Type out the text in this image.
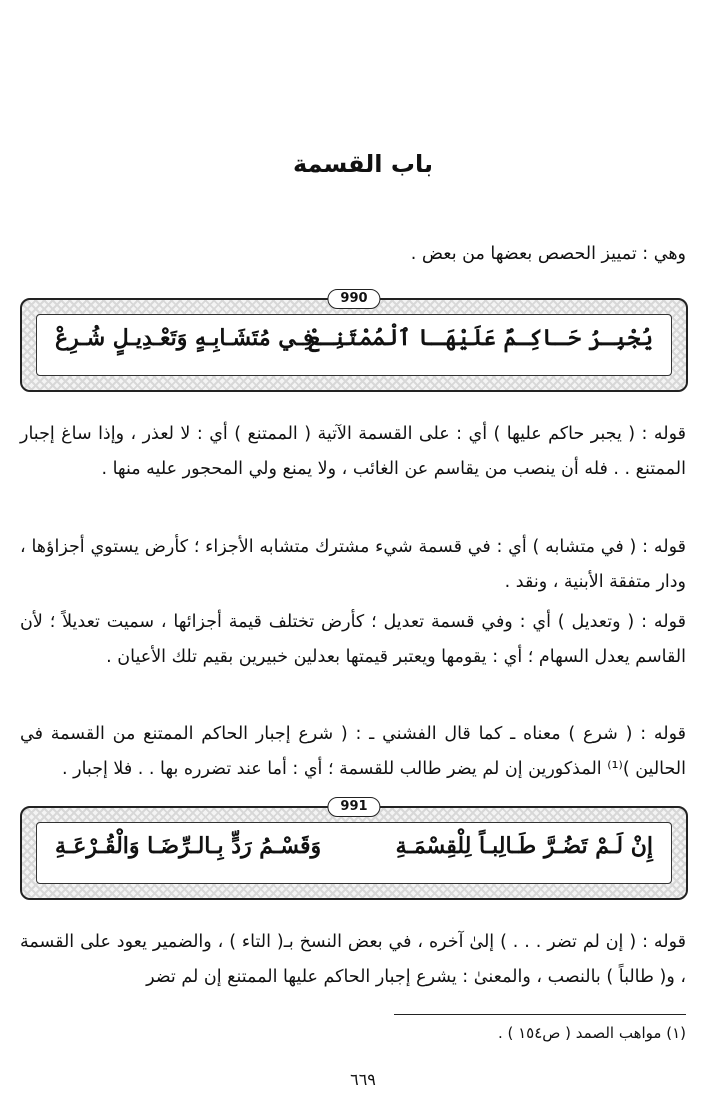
باب القسمة
وهي : تمييز الحصص بعضها من بعض .
يُجْبِـرُ حَـاكِـمٌ عَلَيْهَـا ٱلْمُمْتَنِـعْ
فِـي مُتَشَـابِـهٍ وَتَعْـدِيـلٍ شُـرِعْ
990
قوله : ( يجبر حاكم عليها ) أي : على القسمة الآتية ( الممتنع ) أي : لا لعذر ، وإذا ساغ إجبار الممتنع . . فله أن ينصب من يقاسم عن الغائب ، ولا يمنع ولي المحجور عليه منها .
قوله : ( في متشابه ) أي : في قسمة شيء مشترك متشابه الأجزاء ؛ كأرض يستوي أجزاؤها ، ودار متفقة الأبنية ، ونقد .
قوله : ( وتعديل ) أي : وفي قسمة تعديل ؛ كأرض تختلف قيمة أجزائها ، سميت تعديلاً ؛ لأن القاسم يعدل السهام ؛ أي : يقومها ويعتبر قيمتها بعدلين خبيرين بقيم تلك الأعيان .
قوله : ( شرع ) معناه ـ كما قال الفشني ـ : ( شرع إجبار الحاكم الممتنع من القسمة في الحالين )⁽¹⁾ المذكورين إن لم يضر طالب للقسمة ؛ أي : أما عند تضرره بها . . فلا إجبار .
إِنْ لَـمْ تَضُـرَّ طَـالِبـاً لِلْقِسْمَـةِ
وَقَسْـمُ رَدٍّ بِـالـرِّضَـا وَالْقُـرْعَـةِ
991
قوله : ( إن لم تضر . . . ) إلىٰ آخره ، في بعض النسخ بـ( التاء ) ، والضمير يعود على القسمة ، و( طالباً ) بالنصب ، والمعنىٰ : يشرع إجبار الحاكم عليها الممتنع إن لم تضر
(١) مواهب الصمد ( ص١٥٤ ) .
٦٦٩
